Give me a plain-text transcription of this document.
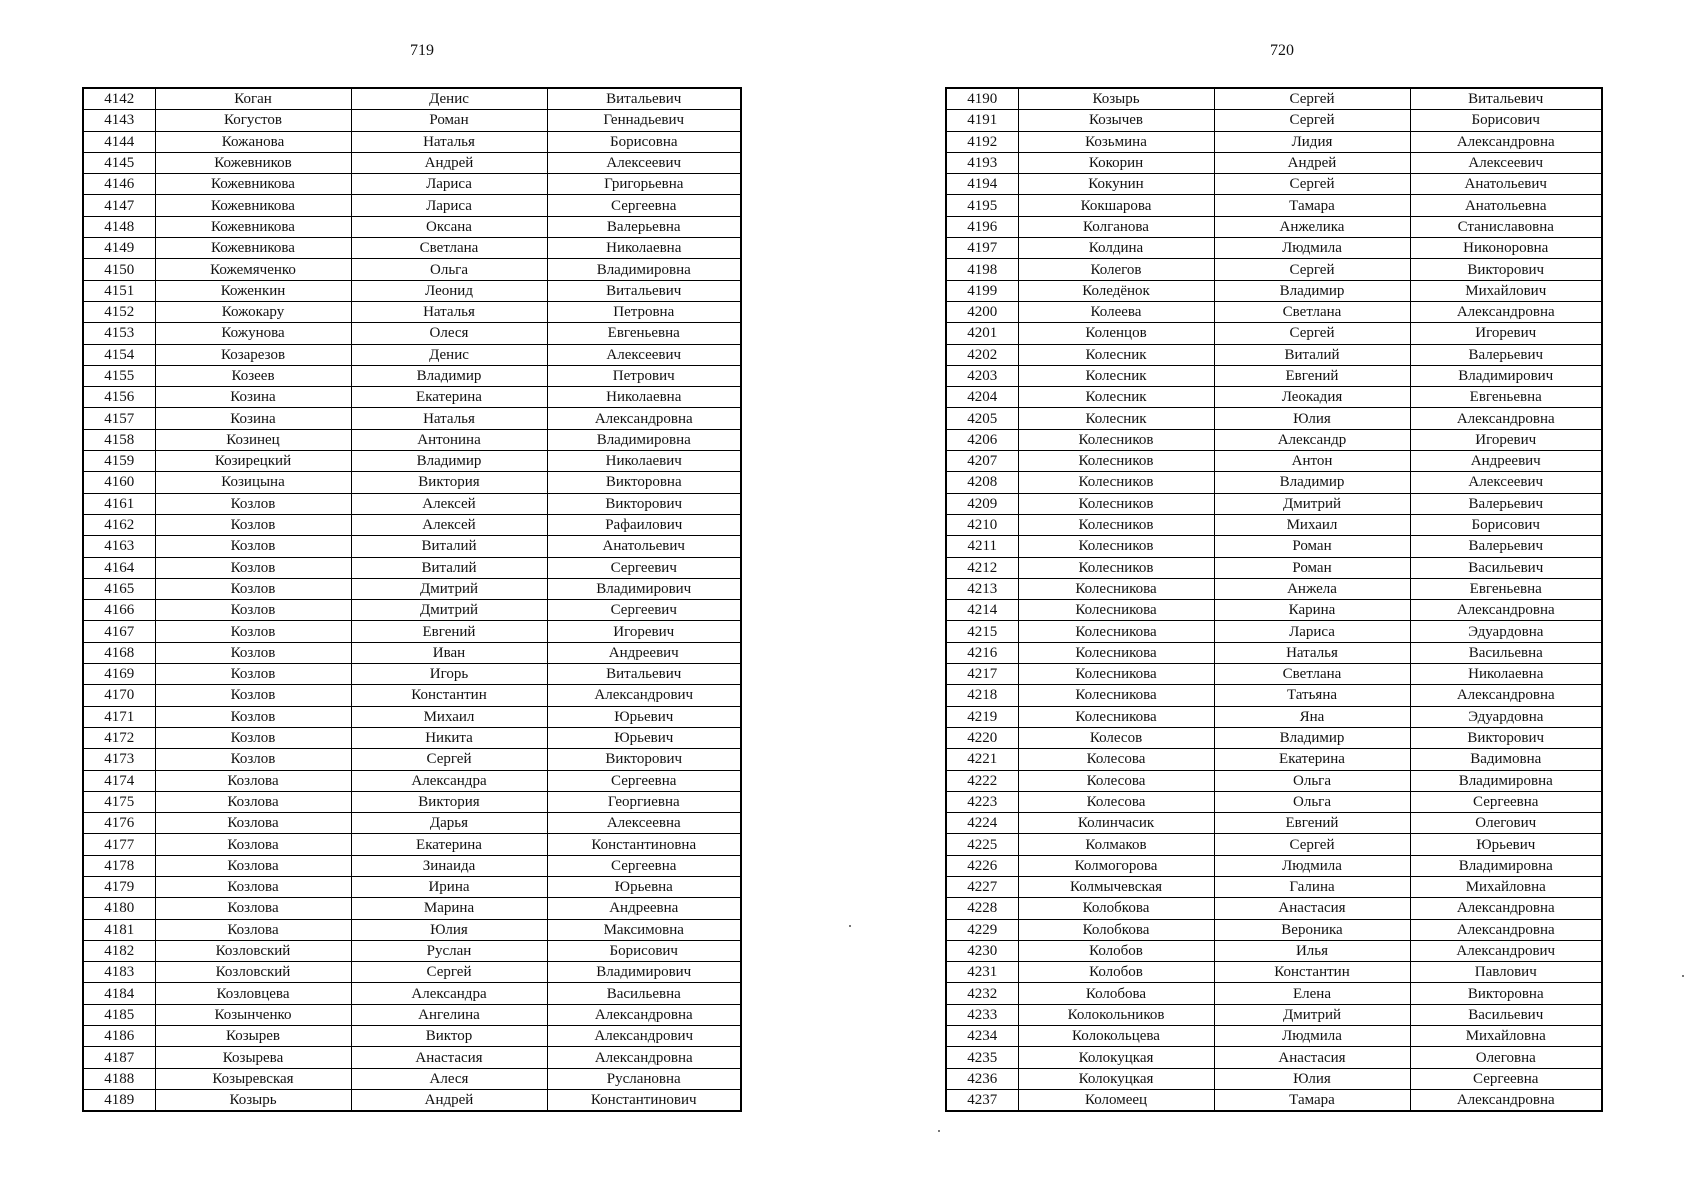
719	720
4142	Коган	Денис	Витальевич
4143	Когустов	Роман	Геннадьевич
4144	Кожанова	Наталья	Борисовна
4145	Кожевников	Андрей	Алексеевич
4146	Кожевникова	Лариса	Григорьевна
4147	Кожевникова	Лариса	Сергеевна
4148	Кожевникова	Оксана	Валерьевна
4149	Кожевникова	Светлана	Николаевна
4150	Кожемяченко	Ольга	Владимировна
4151	Коженкин	Леонид	Витальевич
4152	Кожокару	Наталья	Петровна
4153	Кожунова	Олеся	Евгеньевна
4154	Козарезов	Денис	Алексеевич
4155	Козеев	Владимир	Петрович
4156	Козина	Екатерина	Николаевна
4157	Козина	Наталья	Александровна
4158	Козинец	Антонина	Владимировна
4159	Козирецкий	Владимир	Николаевич
4160	Козицына	Виктория	Викторовна
4161	Козлов	Алексей	Викторович
4162	Козлов	Алексей	Рафаилович
4163	Козлов	Виталий	Анатольевич
4164	Козлов	Виталий	Сергеевич
4165	Козлов	Дмитрий	Владимирович
4166	Козлов	Дмитрий	Сергеевич
4167	Козлов	Евгений	Игоревич
4168	Козлов	Иван	Андреевич
4169	Козлов	Игорь	Витальевич
4170	Козлов	Константин	Александрович
4171	Козлов	Михаил	Юрьевич
4172	Козлов	Никита	Юрьевич
4173	Козлов	Сергей	Викторович
4174	Козлова	Александра	Сергеевна
4175	Козлова	Виктория	Георгиевна
4176	Козлова	Дарья	Алексеевна
4177	Козлова	Екатерина	Константиновна
4178	Козлова	Зинаида	Сергеевна
4179	Козлова	Ирина	Юрьевна
4180	Козлова	Марина	Андреевна
4181	Козлова	Юлия	Максимовна
4182	Козловский	Руслан	Борисович
4183	Козловский	Сергей	Владимирович
4184	Козловцева	Александра	Васильевна
4185	Козынченко	Ангелина	Александровна
4186	Козырев	Виктор	Александрович
4187	Козырева	Анастасия	Александровна
4188	Козыревская	Алеся	Руслановна
4189	Козырь	Андрей	Константинович
4190	Козырь	Сергей	Витальевич
4191	Козычев	Сергей	Борисович
4192	Козьмина	Лидия	Александровна
4193	Кокорин	Андрей	Алексеевич
4194	Кокунин	Сергей	Анатольевич
4195	Кокшарова	Тамара	Анатольевна
4196	Колганова	Анжелика	Станиславовна
4197	Колдина	Людмила	Никоноровна
4198	Колегов	Сергей	Викторович
4199	Коледёнок	Владимир	Михайлович
4200	Колеева	Светлана	Александровна
4201	Коленцов	Сергей	Игоревич
4202	Колесник	Виталий	Валерьевич
4203	Колесник	Евгений	Владимирович
4204	Колесник	Леокадия	Евгеньевна
4205	Колесник	Юлия	Александровна
4206	Колесников	Александр	Игоревич
4207	Колесников	Антон	Андреевич
4208	Колесников	Владимир	Алексеевич
4209	Колесников	Дмитрий	Валерьевич
4210	Колесников	Михаил	Борисович
4211	Колесников	Роман	Валерьевич
4212	Колесников	Роман	Васильевич
4213	Колесникова	Анжела	Евгеньевна
4214	Колесникова	Карина	Александровна
4215	Колесникова	Лариса	Эдуардовна
4216	Колесникова	Наталья	Васильевна
4217	Колесникова	Светлана	Николаевна
4218	Колесникова	Татьяна	Александровна
4219	Колесникова	Яна	Эдуардовна
4220	Колесов	Владимир	Викторович
4221	Колесова	Екатерина	Вадимовна
4222	Колесова	Ольга	Владимировна
4223	Колесова	Ольга	Сергеевна
4224	Колинчасик	Евгений	Олегович
4225	Колмаков	Сергей	Юрьевич
4226	Колмогорова	Людмила	Владимировна
4227	Колмычевская	Галина	Михайловна
4228	Колобкова	Анастасия	Александровна
4229	Колобкова	Вероника	Александровна
4230	Колобов	Илья	Александрович
4231	Колобов	Константин	Павлович
4232	Колобова	Елена	Викторовна
4233	Колокольников	Дмитрий	Васильевич
4234	Колокольцева	Людмила	Михайловна
4235	Колокуцкая	Анастасия	Олеговна
4236	Колокуцкая	Юлия	Сергеевна
4237	Коломеец	Тамара	Александровна
